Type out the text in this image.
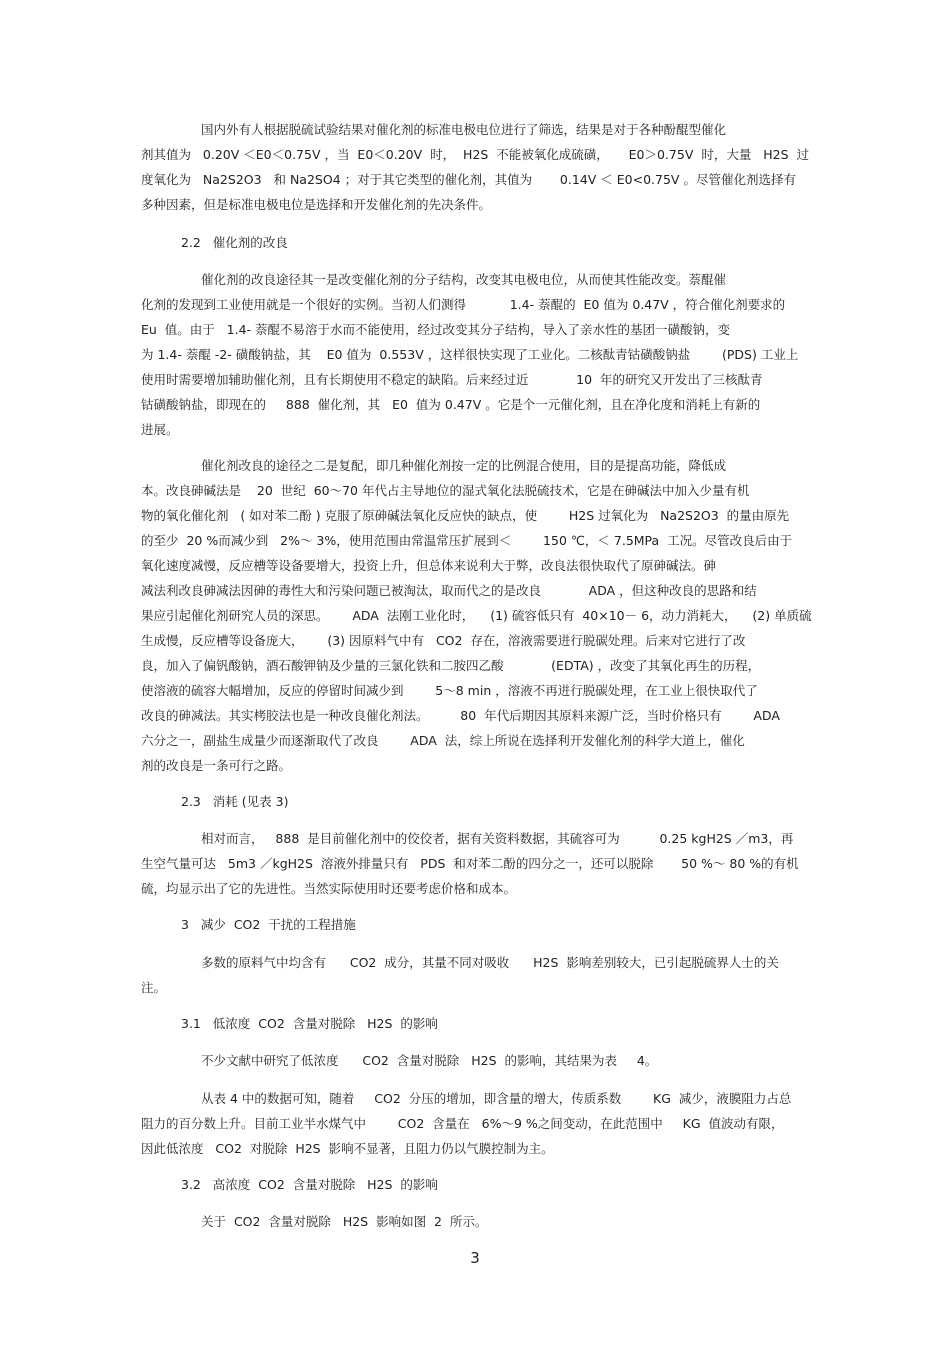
国内外有人根据脱硫试验结果对催化剂的标准电极电位进行了筛选，结果是对于各种酚醌型催化
剂其值为   0.20V ＜E0＜0.75V ，当  E0＜0.20V  时，  H2S  不能被氧化成硫磺，     E0＞0.75V  时，大量   H2S  过
度氧化为   Na2S2O3   和 Na2SO4 ；对于其它类型的催化剂，其值为       0.14V ＜ E0<0.75V 。尽管催化剂选择有
多种因素，但是标准电极电位是选择和开发催化剂的先决条件。
2.2   催化剂的改良
催化剂的改良途径其一是改变催化剂的分子结构，改变其电极电位，从而使其性能改变。萘醌催
化剂的发现到工业使用就是一个很好的实例。当初人们测得           1.4- 萘醌的  E0 值为 0.47V ，符合催化剂要求的
Eu  值。由于   1.4- 萘醌不易溶于水而不能使用，经过改变其分子结构，导入了亲水性的基团一磺酸钠，变
为 1.4- 萘醌 -2- 磺酸钠盐，其    E0 值为  0.553V ，这样很快实现了工业化。二核酞青钴磺酸钠盐        (PDS) 工业上
使用时需要增加辅助催化剂，且有长期使用不稳定的缺陷。后来经过近            10  年的研究又开发出了三核酞青
钴磺酸钠盐，即现在的     888  催化剂，其   E0  值为 0.47V 。它是个一元催化剂，且在净化度和消耗上有新的
进展。
催化剂改良的途径之二是复配，即几种催化剂按一定的比例混合使用，目的是提高功能，降低成
本。改良砷碱法是    20  世纪  60～70 年代占主导地位的湿式氧化法脱硫技术，它是在砷碱法中加入少量有机
物的氧化催化剂   ( 如对苯二酚 ) 克服了原砷碱法氧化反应快的缺点，使        H2S 过氧化为   Na2S2O3  的量由原先
的至少  20 %而减少到   2%～ 3%，使用范围由常温常压扩展到＜        150 ℃，＜ 7.5MPa  工况。尽管改良后由于
氧化速度减慢，反应槽等设备要增大，投资上升，但总体来说利大于弊，改良法很快取代了原砷碱法。砷
减法利改良砷减法因砷的毒性大和污染问题已被淘汰，取而代之的是改良            ADA ，但这种改良的思路和结
果应引起催化剂研究人员的深思。      ADA  法刚工业化时，    (1) 硫容低只有  40×10－ 6，动力消耗大，    (2) 单质硫
生成慢，反应槽等设备庞大，      (3) 因原料气中有   CO2  存在，溶液需要进行脱碳处理。后来对它进行了改
良，加入了偏钒酸钠，酒石酸钾钠及少量的三氯化铁和二胺四乙酸            (EDTA) ，改变了其氧化再生的历程，
使溶液的硫容大幅增加，反应的停留时间减少到        5～8 min ，溶液不再进行脱碳处理，在工业上很快取代了
改良的砷减法。其实栲胶法也是一种改良催化剂法。        80  年代后期因其原料来源广泛，当时价格只有        ADA
六分之一，副盐生成量少而逐渐取代了改良        ADA  法，综上所说在选择利开发催化剂的科学大道上，催化
剂的改良是一条可行之路。
2.3   消耗 (见表 3)
相对而言，   888  是目前催化剂中的佼佼者，据有关资料数据，其硫容可为          0.25 kgH2S ／m3，再
生空气量可达   5m3 ／kgH2S  溶液外排量只有   PDS  和对苯二酚的四分之一，还可以脱除       50 %～ 80 %的有机
硫，均显示出了它的先进性。当然实际使用时还要考虑价格和成本。
3   减少  CO2  干扰的工程措施
多数的原料气中均含有      CO2  成分，其量不同对吸收      H2S  影响差别较大，已引起脱硫界人士的关
注。
3.1   低浓度  CO2  含量对脱除   H2S  的影响
不少文献中研究了低浓度      CO2  含量对脱除   H2S  的影响，其结果为表     4。
从表 4 中的数据可知，随着     CO2  分压的增加，即含量的增大，传质系数        KG  减少，液膜阻力占总
阻力的百分数上升。目前工业半水煤气中        CO2  含量在   6%～9 %之间变动，在此范围中     KG  值波动有限，
因此低浓度   CO2  对脱除  H2S  影响不显著，且阻力仍以气膜控制为主。
3.2   高浓度  CO2  含量对脱除   H2S  的影响
关于  CO2  含量对脱除   H2S  影响如图  2  所示。
3
